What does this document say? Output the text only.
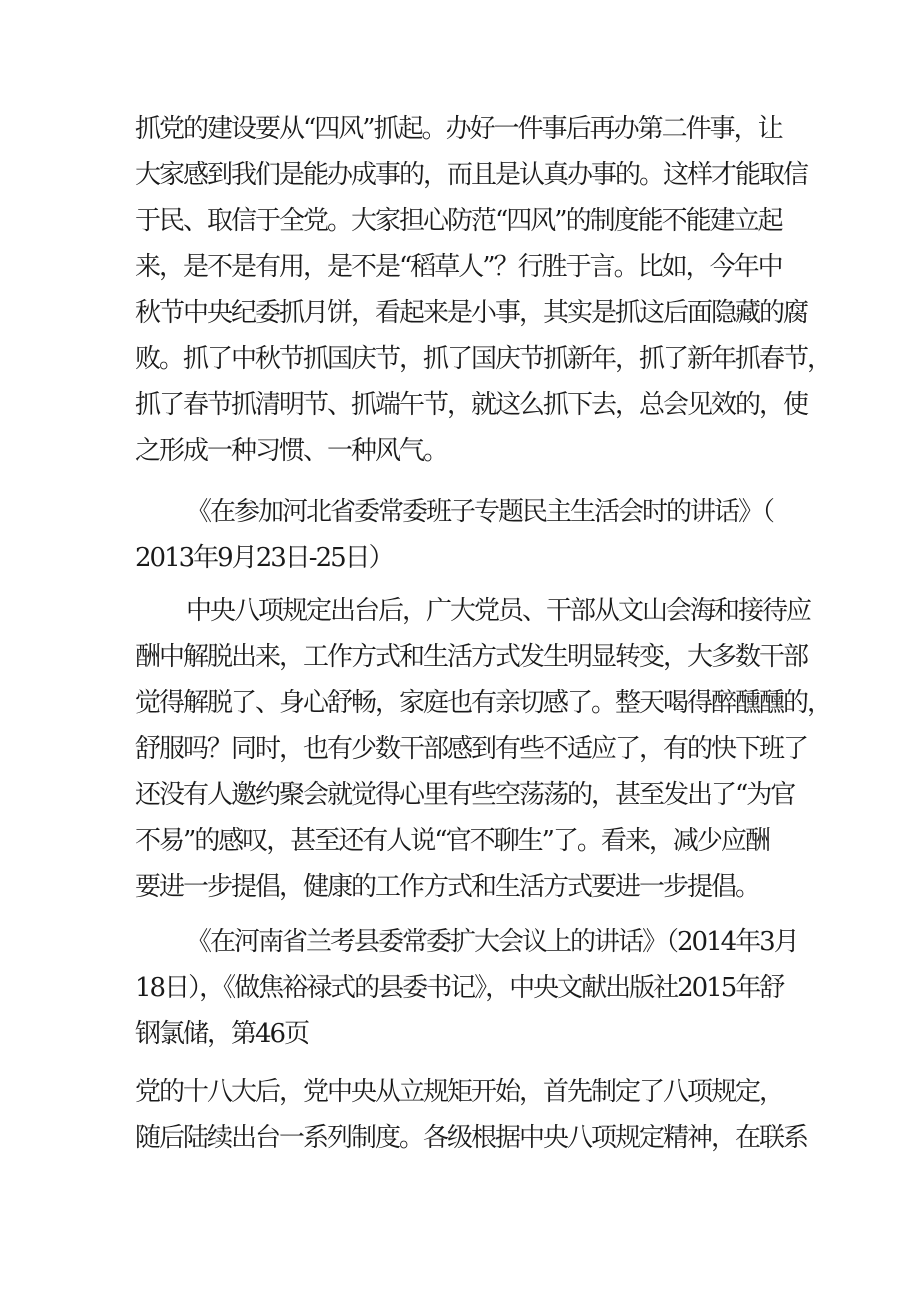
抓党的建设要从“四风”抓起。办好一件事后再办第二件事，让
大家感到我们是能办成事的，而且是认真办事的。这样才能取信
于民、取信于全党。大家担心防范“四风”的制度能不能建立起
来，是不是有用，是不是“稻草人”？行胜于言。比如，今年中
秋节中央纪委抓月饼，看起来是小事，其实是抓这后面隐藏的腐
败。抓了中秋节抓国庆节，抓了国庆节抓新年，抓了新年抓春节，
抓了春节抓清明节、抓端午节，就这么抓下去，总会见效的，使
之形成一种习惯、一种风气。
《在参加河北省委常委班子专题民主生活会时的讲话》（
2013年9月23日-25日）
中央八项规定出台后，广大党员、干部从文山会海和接待应
酬中解脱出来，工作方式和生活方式发生明显转变，大多数干部
觉得解脱了、身心舒畅，家庭也有亲切感了。整天喝得醉醺醺的，
舒服吗？同时，也有少数干部感到有些不适应了，有的快下班了
还没有人邀约聚会就觉得心里有些空荡荡的，甚至发出了“为官
不易”的感叹，甚至还有人说“官不聊生”了。看来，减少应酬
要进一步提倡，健康的工作方式和生活方式要进一步提倡。
《在河南省兰考县委常委扩大会议上的讲话》（2014年3月
18日），《做焦裕禄式的县委书记》，中央文献出版社2015年舒
钢氯储，第46页
党的十八大后，党中央从立规矩开始，首先制定了八项规定，
随后陆续出台一系列制度。各级根据中央八项规定精神，在联系
